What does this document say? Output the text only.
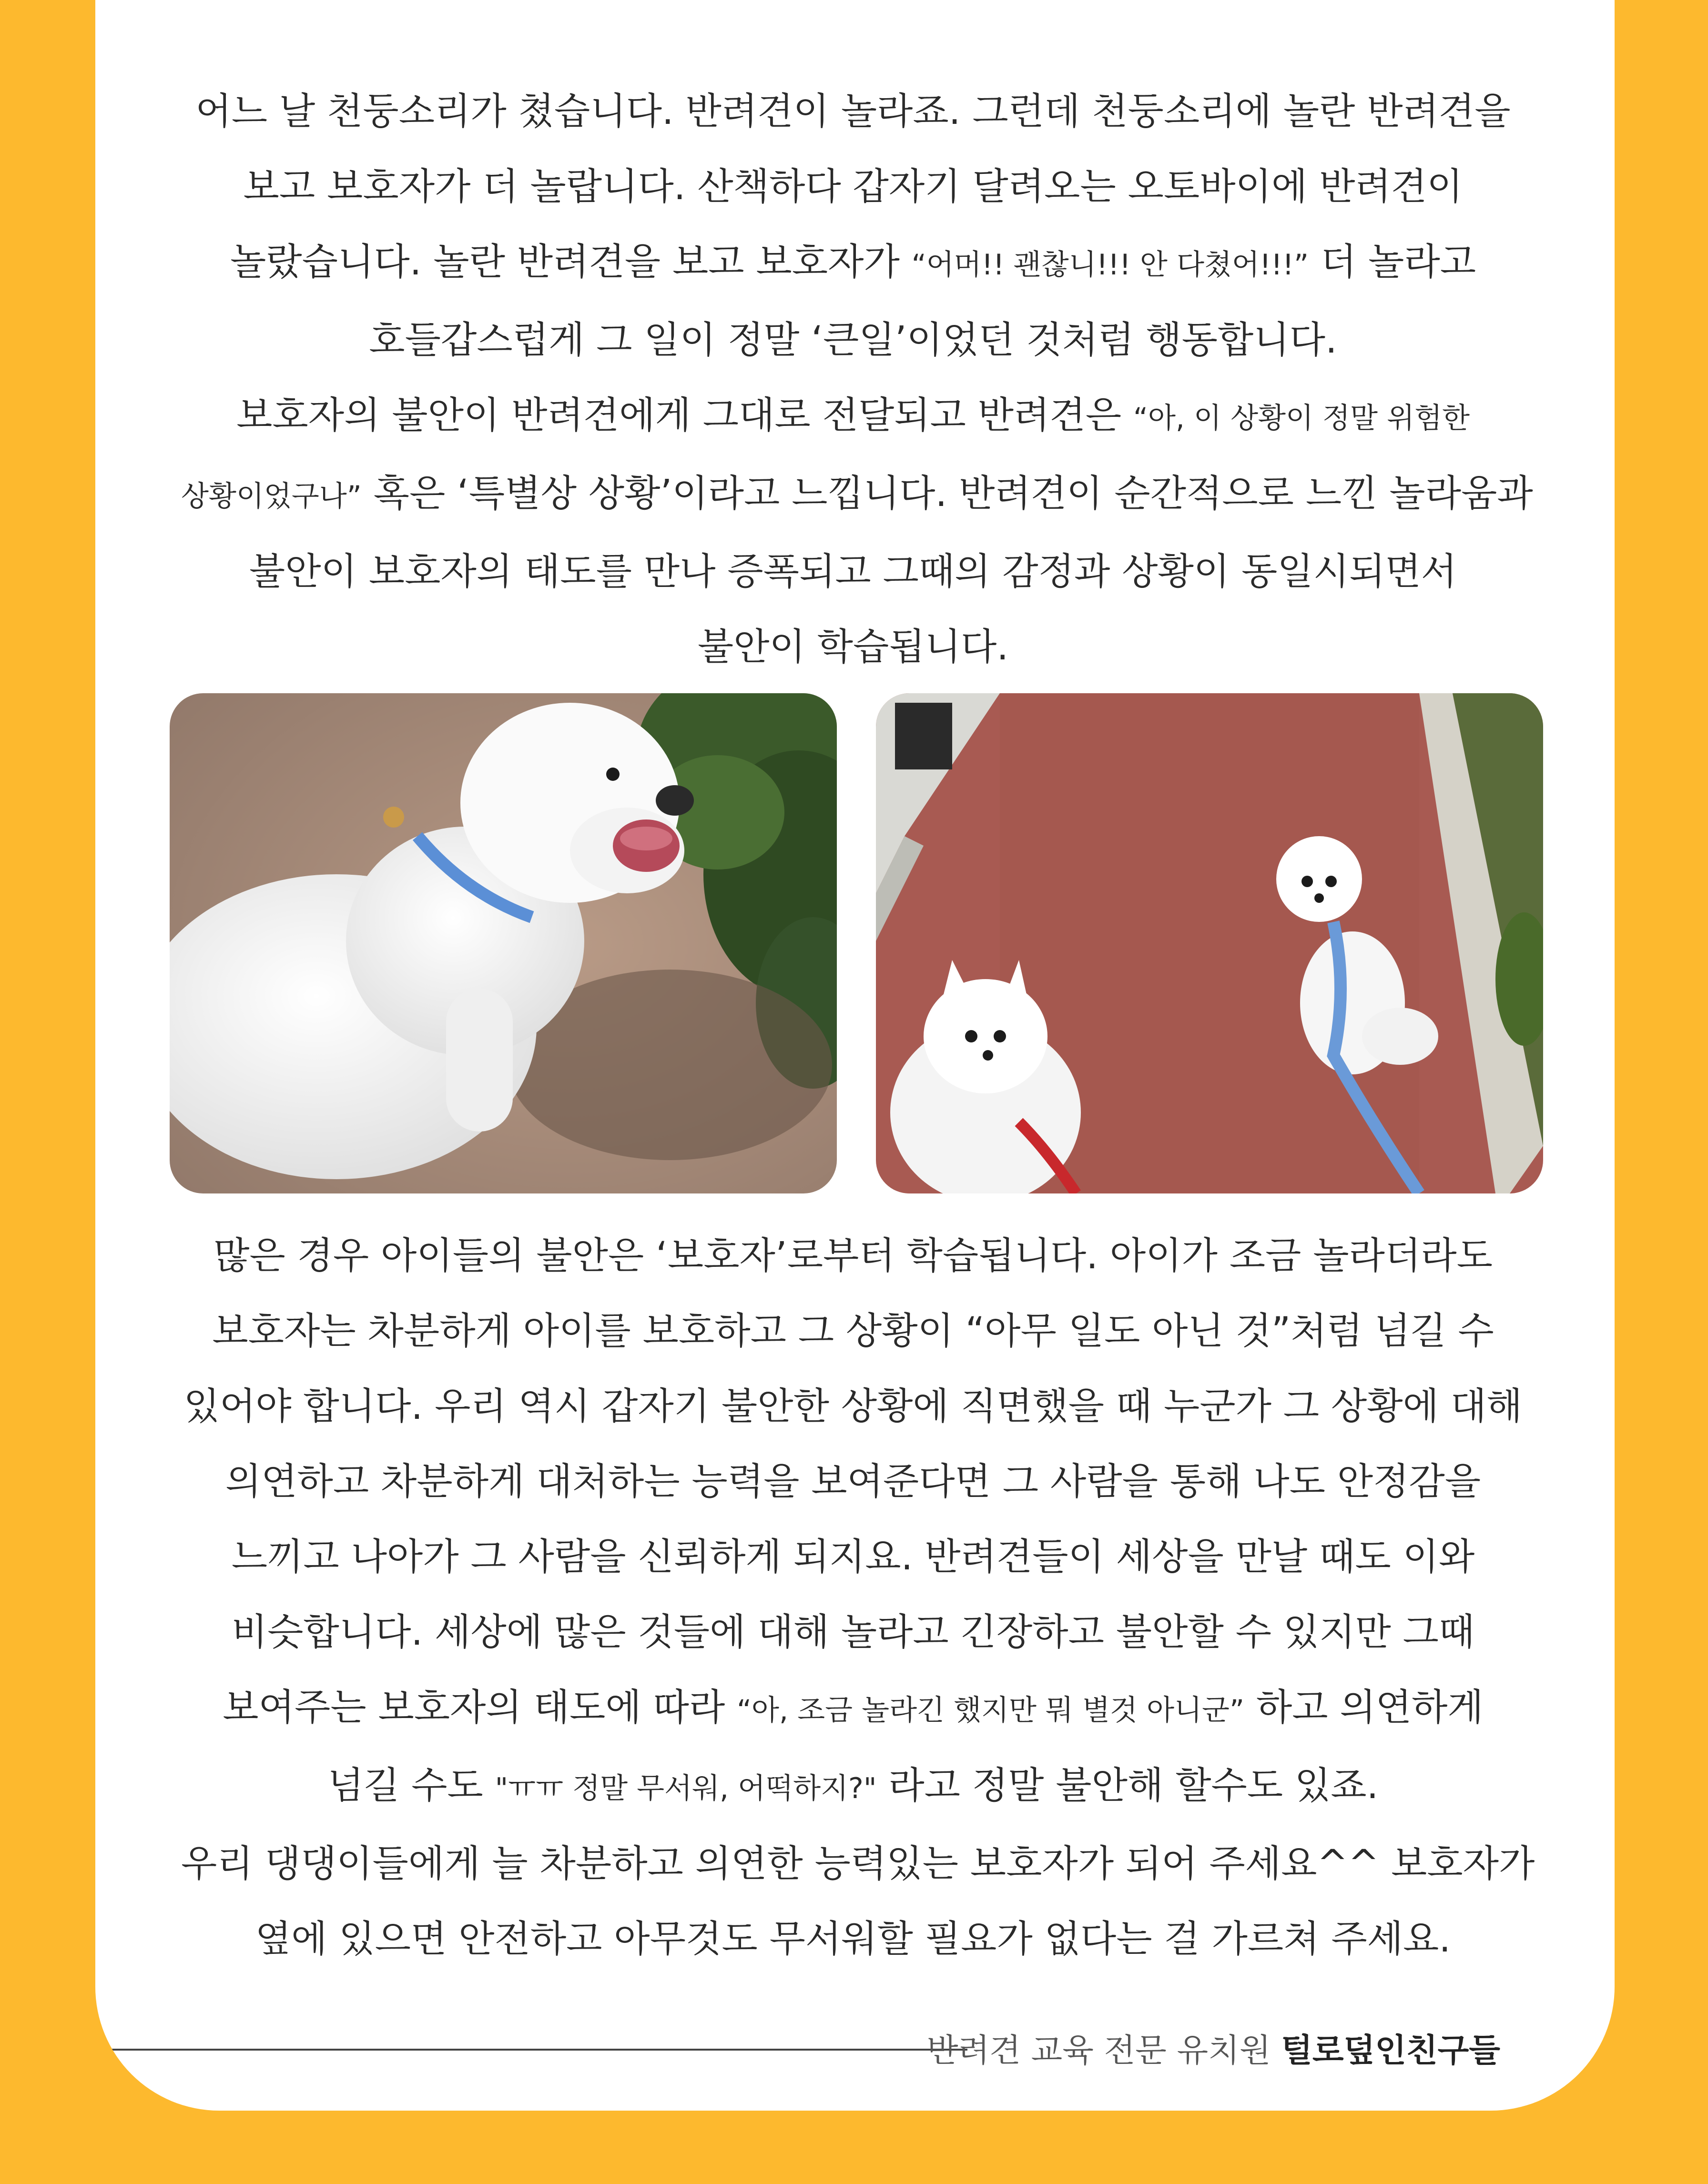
어느 날 천둥소리가 쳤습니다. 반려견이 놀라죠. 그런데 천둥소리에 놀란 반려견을
보고 보호자가 더 놀랍니다. 산책하다 갑자기 달려오는 오토바이에 반려견이
놀랐습니다. 놀란 반려견을 보고 보호자가 “어머!! 괜찮니!!! 안 다쳤어!!!” 더 놀라고
호들갑스럽게 그 일이 정말 ‘큰일’이었던 것처럼 행동합니다.
보호자의 불안이 반려견에게 그대로 전달되고 반려견은 “아, 이 상황이 정말 위험한
상황이었구나” 혹은 ‘특별상 상황’이라고 느낍니다. 반려견이 순간적으로 느낀 놀라움과
불안이 보호자의 태도를 만나 증폭되고 그때의 감정과 상황이 동일시되면서
불안이 학습됩니다.
많은 경우 아이들의 불안은 ‘보호자’로부터 학습됩니다. 아이가 조금 놀라더라도
보호자는 차분하게 아이를 보호하고 그 상황이 “아무 일도 아닌 것”처럼 넘길 수
있어야 합니다. 우리 역시 갑자기 불안한 상황에 직면했을 때 누군가 그 상황에 대해
의연하고 차분하게 대처하는 능력을 보여준다면 그 사람을 통해 나도 안정감을
느끼고 나아가 그 사람을 신뢰하게 되지요. 반려견들이 세상을 만날 때도 이와
비슷합니다. 세상에 많은 것들에 대해 놀라고 긴장하고 불안할 수 있지만 그때
보여주는 보호자의 태도에 따라 “아, 조금 놀라긴 했지만 뭐 별것 아니군” 하고 의연하게
넘길 수도 "ㅠㅠ 정말 무서워, 어떡하지?" 라고 정말 불안해 할수도 있죠.
우리 댕댕이들에게 늘 차분하고 의연한 능력있는 보호자가 되어 주세요^^ 보호자가
옆에 있으면 안전하고 아무것도 무서워할 필요가 없다는 걸 가르쳐 주세요.
반려견 교육 전문 유치원 털로덮인친구들
